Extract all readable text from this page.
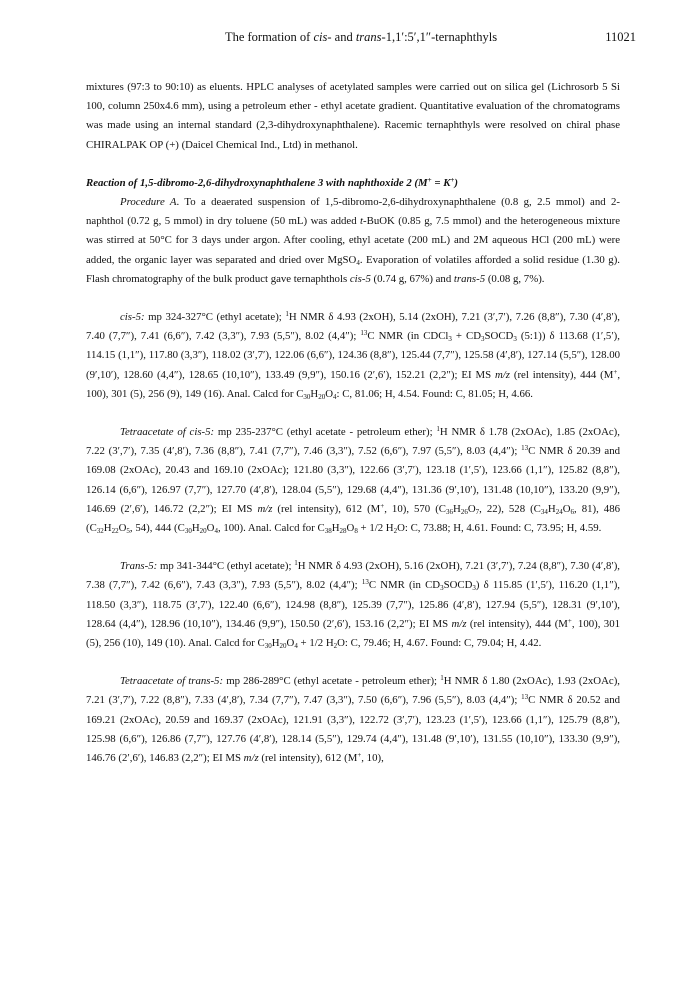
The formation of cis- and trans-1,1′:5′,1″-ternaphthyls	11021

mixtures (97:3 to 90:10) as eluents. HPLC analyses of acetylated samples were carried out on silica gel (Lichrosorb 5 Si 100, column 250x4.6 mm), using a petroleum ether - ethyl acetate gradient. Quantitative evaluation of the chromatograms was made using an internal standard (2,3-dihydroxynaphthalene). Racemic ternaphthyls were resolved on chiral phase CHIRALPAK OP (+) (Daicel Chemical Ind., Ltd) in methanol.

Reaction of 1,5-dibromo-2,6-dihydroxynaphthalene 3 with naphthoxide 2 (M+ = K+)

Procedure A. To a deaerated suspension of 1,5-dibromo-2,6-dihydroxynaphthalene (0.8 g, 2.5 mmol) and 2-naphthol (0.72 g, 5 mmol) in dry toluene (50 mL) was added t-BuOK (0.85 g, 7.5 mmol) and the heterogeneous mixture was stirred at 50°C for 3 days under argon. After cooling, ethyl acetate (200 mL) and 2M aqueous HCl (200 mL) were added, the organic layer was separated and dried over MgSO$_4$. Evaporation of volatiles afforded a solid residue (1.30 g). Flash chromatography of the bulk product gave ternaphthols cis-5 (0.74 g, 67%) and trans-5 (0.08 g, 7%).

cis-5: mp 324-327°C (ethyl acetate); $^1$H NMR δ 4.93 (2xOH), 5.14 (2xOH), 7.21 (3′,7′), 7.26 (8,8″), 7.30 (4′,8′), 7.40 (7,7″), 7.41 (6,6″), 7.42 (3,3″), 7.93 (5,5″), 8.02 (4,4″); $^{13}$C NMR (in CDCl$_3$ + $CD_3SOCD_3$ (5:1)) δ 113.68 (1′,5′), 114.15 (1,1″), 117.80 (3,3″), 118.02 (3′,7′), 122.06 (6,6″), 124.36 (8,8″), 125.44 (7,7″), 125.58 (4′,8′), 127.14 (5,5″), 128.00 (9′,10′), 128.60 (4,4″), 128.65 (10,10″), 133.49 (9,9″), 150.16 (2′,6′), 152.21 (2,2″); EI MS m/z (rel intensity), 444 (M+, 100), 301 (5), 256 (9), 149 (16). Anal. Calcd for $C_{30}H_{20}O_4$: C, 81.06; H, 4.54. Found: C, 81.05; H, 4.66.

Tetraacetate of cis-5: mp 235-237°C (ethyl acetate - petroleum ether); $^1$H NMR δ 1.78 (2xOAc), 1.85 (2xOAc), 7.22 (3′,7′), 7.35 (4′,8′), 7.36 (8,8″), 7.41 (7,7″), 7.46 (3,3″), 7.52 (6,6″), 7.97 (5,5″), 8.03 (4,4″); $^{13}$C NMR δ 20.39 and 169.08 (2xOAc), 20.43 and 169.10 (2xOAc); 121.80 (3,3″), 122.66 (3′,7′), 123.18 (1′,5′), 123.66 (1,1″), 125.82 (8,8″), 126.14 (6,6″), 126.97 (7,7″), 127.70 (4′,8′), 128.04 (5,5″), 129.68 (4,4″), 131.36 (9′,10′), 131.48 (10,10″), 133.20 (9,9″), 146.69 (2′,6′), 146.72 (2,2″); EI MS m/z (rel intensity), 612 (M+, 10), 570 ($C_{36}H_{26}O_7$, 22), 528 ($C_{34}H_{24}O_6$, 81), 486 ($C_{32}H_{22}O_5$, 54), 444 ($C_{30}H_{20}O_4$, 100). Anal. Calcd for $C_{38}H_{28}O_8 + 1/2$ $H_2O$: C, 73.88; H, 4.61. Found: C, 73.95; H, 4.59.

Trans-5: mp 341-344°C (ethyl acetate); $^1$H NMR δ 4.93 (2xOH), 5.16 (2xOH), 7.21 (3′,7′), 7.24 (8,8″), 7.30 (4′,8′), 7.38 (7,7″), 7.42 (6,6″), 7.43 (3,3″), 7.93 (5,5″), 8.02 (4,4″); $^{13}$C NMR (in $CD_3SOCD_3$) δ 115.85 (1′,5′), 116.20 (1,1″), 118.50 (3,3″), 118.75 (3′,7′), 122.40 (6,6″), 124.98 (8,8″), 125.39 (7,7″), 125.86 (4′,8′), 127.94 (5,5″), 128.31 (9′,10′), 128.64 (4,4″), 128.96 (10,10″), 134.46 (9,9″), 150.50 (2′,6′), 153.16 (2,2″); EI MS m/z (rel intensity), 444 (M+, 100), 301 (5), 256 (10), 149 (10). Anal. Calcd for $C_{30}H_{20}O_4 + 1/2$ $H_2O$: C, 79.46; H, 4.67. Found: C, 79.04; H, 4.42.

Tetraacetate of trans-5: mp 286-289°C (ethyl acetate - petroleum ether); $^1$H NMR δ 1.80 (2xOAc), 1.93 (2xOAc), 7.21 (3′,7′), 7.22 (8,8″), 7.33 (4′,8′), 7.34 (7,7″), 7.47 (3,3″), 7.50 (6,6″), 7.96 (5,5″), 8.03 (4,4″); $^{13}$C NMR δ 20.52 and 169.21 (2xOAc), 20.59 and 169.37 (2xOAc), 121.91 (3,3″), 122.72 (3′,7′), 123.23 (1′,5′), 123.66 (1,1″), 125.79 (8,8″), 125.98 (6,6″), 126.86 (7,7″), 127.76 (4′,8′), 128.14 (5,5″), 129.74 (4,4″), 131.48 (9′,10′), 131.55 (10,10″), 133.30 (9,9″), 146.76 (2′,6′), 146.83 (2,2″); EI MS m/z (rel intensity), 612 (M+, 10),
